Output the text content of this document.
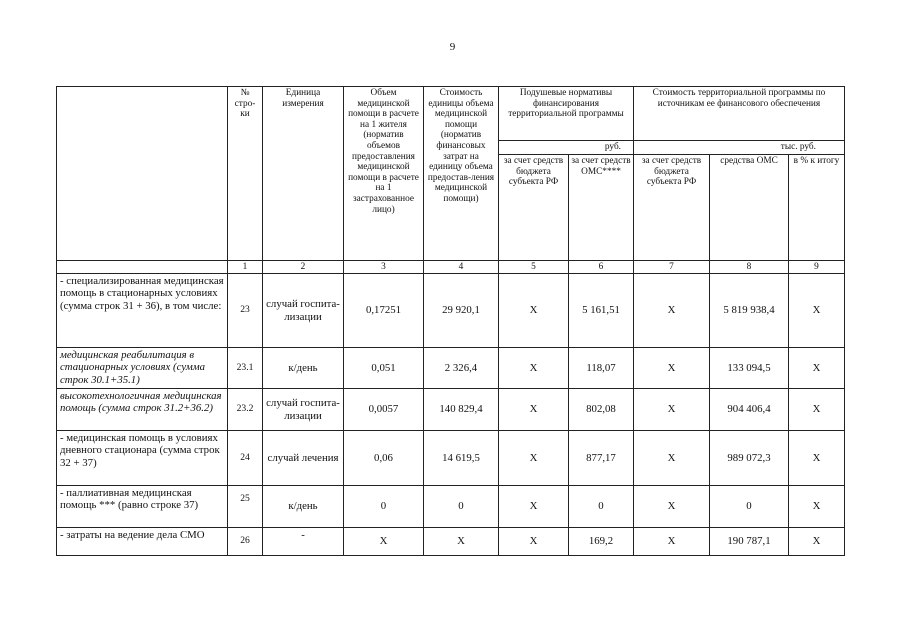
9
	№ стро-ки	Единица измерения	Объем медицинской помощи в расчете на 1 жителя (норматив объемов предоставления медицинской помощи в расчете на 1 застрахованное лицо)	Стоимость единицы объема медицинской помощи (норматив финансовых затрат на единицу объема предостав-ления медицинской помощи)	Подушевые нормативы финансирования территориальной программы		Стоимость территориальной программы по источникам ее финансового обеспечения		
					руб.		тыс. руб.		
					за счет средств бюджета субъекта РФ	за счет средств ОМС****	за счет средств бюджета субъекта РФ	средства ОМС	в % к итогу
	1	2	3	4	5	6	7	8	9
- специализированная медицинская помощь в стационарных условиях (сумма строк 31 + 36), в том числе:	23	случай госпита-лизации	0,17251	29 920,1	X	5 161,51	X	5 819 938,4	X
медицинская реабилитация в стационарных условиях (сумма строк 30.1+35.1)	23.1	к/день	0,051	2 326,4	X	118,07	X	133 094,5	X
высокотехнологичная медицинская помощь (сумма строк 31.2+36.2)	23.2	случай госпита-лизации	0,0057	140 829,4	X	802,08	X	904 406,4	X
- медицинская помощь в условиях дневного стационара (сумма строк 32 + 37)	24	случай лечения	0,06	14 619,5	X	877,17	X	989 072,3	X
- паллиативная медицинская помощь *** (равно строке 37)	25	к/день	0	0	X	0	X	0	X
- затраты на ведение дела СМО	26	-	X	X	X	169,2	X	190 787,1	X
